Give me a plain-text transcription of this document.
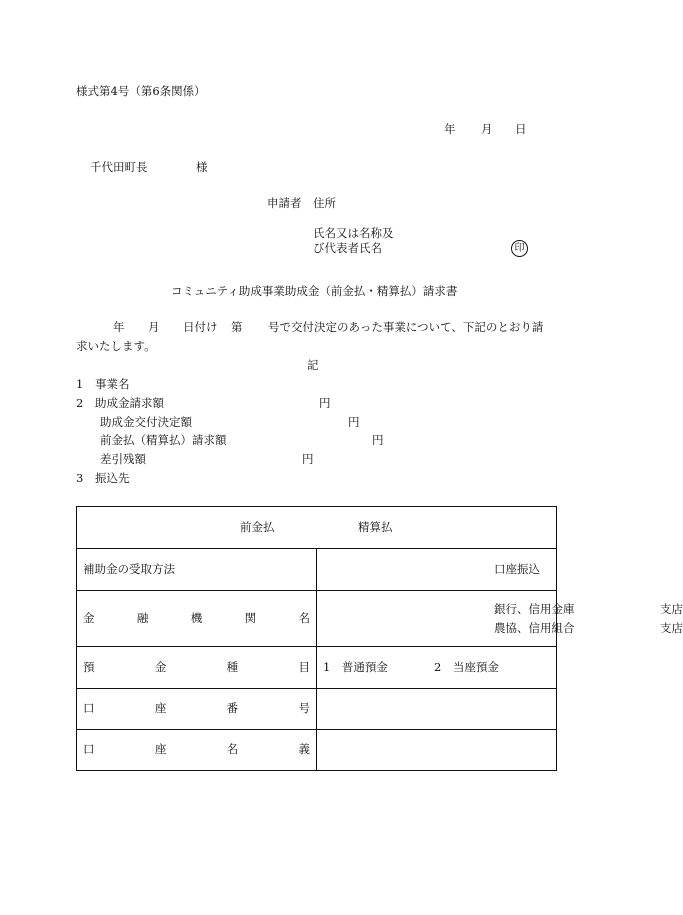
様式第4号（第6条関係）
年 月 日
千代田町長	様
申請者 住所
氏名又は名称及
び代表者氏名	印
コミュニティ助成事業助成金（前金払・精算払）請求書
年 月 日付け 第 号で交付決定のあった事業について、下記のとおり請
求いたします。
記
1 事業名
2 助成金請求額	円
助成金交付決定額	円
前金払（精算払）請求額	円
差引残額	円
3 振込先
前金払 精算払	

補助金の受取方法	口座振込

金 融 機 関 名	銀行、信用金庫 支店
農協、信用組合 支店

預 金 種 目	1　普通預金 2　当座預金

口 座 番 号	

口 座 名 義	
